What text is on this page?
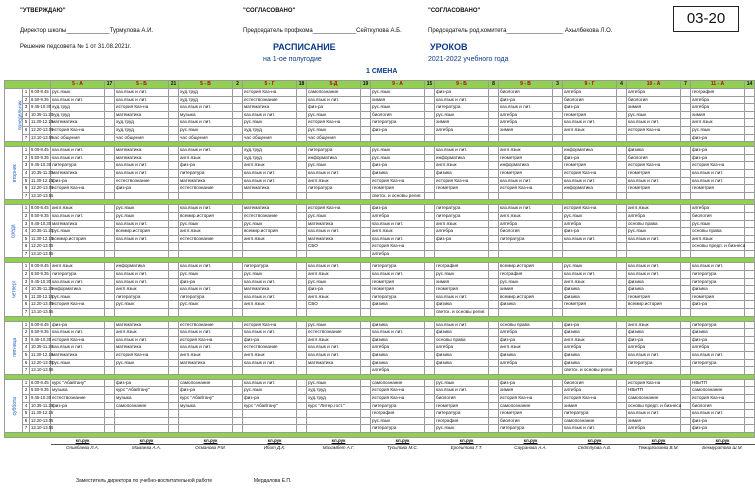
"УТВЕРЖДАЮ"
Директор школы_____________Турмулова А.И.
Решение педсовета № 1 от 31.08.2021г.
"СОГЛАСОВАНО"
Председатель профкома_____________Сейткулова А.Б.
"СОГЛАСОВАНО"
Председатель род.комитета_________________ Ахылбекова Л.О.
03-20
РАСПИСАНИЕ	УРОКОВ
на 1-ое полугодие	2021-2022 учебного года
1 СМЕНА
			5 - А	17	5 - Б	21	5 - В	2	5 - Г	18	5-Д	19	9 - А	15	9 - Б	8	9 - В	3	9 - Г	4	10 - А	7	11 - А	14
понедельник	1	8.00-8.45	рус.язык		каз.язык и лит.		худ.труд		история Каз-на		самопознание		рус.язык		физ-ра		биология		алгебра		алгебра		география	
	2	8.50-9.35	каз.язык и лит.		каз.язык и лит.		худ.труд		естествознание		каз.язык и лит.		химия		каз.язык и лит.		физ-ра		биология		биология		алгебра	
	3	9.45-10.30	худ.труд		история Каз-на		каз.язык и лит.		математика		физ-ра		рус.язык		литература		каз.язык и лит.		физ-ра		химия		алгебра	
	4	10.35-11.20	худ.труд		математика		музыка		каз.язык и лит.		рус.язык		биология		рус.язык		алгебра		геометрия		рус.язык		химия	
	5	11.30-12.15	математика		худ.труд		каз.язык и лит.		рус.язык		история Каз-на		литература		химия		алгебра		каз.язык и лит.		каз.язык и лит.		англ.язык	
	6	12.20-13.05	история Каз-на		худ.труд		рус.язык		худ.труд		рус.язык		физ-ра		алгебра		химия		англ.язык		история Каз-на		рус.язык	
	7	13.10-13.55	час общения		час общения		час общения		час общения		час общения												физ-ра	

вторник	1	8.00-8.45	каз.язык и лит.		математика		каз.язык и лит.		худ.труд		литература		рус.язык		каз.язык и лит.		англ.язык		информатика		физика		физ-ра	
	2	8.50-9.35	каз.язык и лит.		математика		англ.язык		худ.труд		информатика		рус.язык		информатика		геометрия		физ-ра		биология		физ-ра	
	3	9.45-10.30	литература		каз.язык и лит.		физ-ра		англ.язык		рус.язык		физ-ра		англ.язык		информатика		геометрия		история Каз-на		история Каз-на	
	4	10.35-11.20	математика		каз.язык и лит.		литература		каз.язык и лит.		каз.язык и лит.		физика		физика		геометрия		история Каз-на		геометрия		каз.язык и лит.	
	5	11.30-12.15	физ-ра		естествознание		математика		каз.язык и лит.		англ.язык		история Каз-на		история Каз-на		каз.язык и лит.		каз.язык и лит.		каз.язык и лит.		каз.язык и лит.	
	6	12.20-13.05	история Каз-на		физ-ра		естествознание		математика		литература		геометрия		геометрия		история Каз-на		информатика		геометрия		геометрия	
	7	13.10-13.55											светск. и основы религ.											

среда	1	8.00-8.45	англ.язык		рус.язык		каз.язык и лит.		математика		история Каз-на		физ-ра		литература		каз.язык и лит.		история Каз-на		англ.язык		алгебра	
	2	8.50-9.35	каз.язык и лит.		рус.язык		всемир.история		естествознание		рус.язык		алгебра		литература		англ.язык		рус.язык		алгебра		биология	
	3	9.45-10.30	математика		каз.язык и лит.		рус.язык		рус.язык		математика		каз.язык и лит.		англ.язык		алгебра		алгебра		основы права		рус.язык	
	4	10.35-11.20	рус.язык		всемир.история		англ.язык		всемир.история		каз.язык и лит.		англ.язык		алгебра		биология		физ-ра		рус.язык		основы права	
	5	11.30-12.15	всемир.история		каз.язык и лит.		естествознание		англ.язык		математика		каз.язык и лит.		физ-ра		литература		каз.язык и лит.		каз.язык и лит.		англ.язык	
	6	12.20-13.05									СБО		история Каз-на										основы предп. и бизнеса	
	7	13.10-13.55											алгебра											

четверг	1	8.00-8.45	англ.язык		информатика		каз.язык и лит.		литература		каз.язык и лит.		литература		география		всемир.история		рус.язык		каз.язык и лит.		каз.язык и лит.	
	2	8.50-9.35	литература		каз.язык и лит.		рус.язык		рус.язык		англ.язык		каз.язык и лит.		рус.язык		география		каз.язык и лит.		каз.язык и лит.		литература	
	3	9.45-10.30	каз.язык и лит.		каз.язык и лит.		физ-ра		каз.язык и лит.		рус.язык		геометрия		химия		рус.язык		англ.язык		физика		литература	
	4	10.35-11.20	информатика		англ.язык		каз.язык и лит.		математика		физ-ра		геометрия		геометрия		химия		физика		физика		физика	
	5	11.30-12.15	рус.язык		литература		литература		каз.язык и лит.		англ.язык		литература		каз.язык и лит.		всемир.история		физика		геометрия		геометрия	
	6	12.20-13.05	история Каз-на		рус.язык		рус.язык		англ.язык		СБО		физика		физика		физика		геометрия		всемир.история		физ-ра	
	7	13.10-13.55													светск. и основы религ.									

пятница	1	8.00-8.45	физ-ра		математика		естествознание		история Каз-на		рус.язык		физика		каз.язык и лит.		основы права		физ-ра		англ.язык		литература	
	2	8.50-9.35	каз.язык и лит.		англ.язык		каз.язык и лит.		каз.язык и лит.		естествознание		каз.язык и лит.		физика		алгебра		физика		физика		физика	
	3	9.45-10.30	история Каз-на		каз.язык и лит.		история Каз-на		физ-ра		англ.язык		физика		основы права		физ-ра		англ.язык		физ-ра		физ-ра	
	4	10.35-11.20	каз.язык и лит.		математика		каз.язык и лит.		естествознание		каз.язык и лит.		алгебра		алгебра		англ.язык		алгебра		алгебра		алгебра	
	5	11.30-12.15	математика		история Каз-на		англ.язык		англ.язык		каз.язык и лит.		физика		физика		физика		физика		каз.язык и лит.		каз.язык и лит.	
	6	12.20-13.05	рус.язык		рус.язык		математика		каз.язык и лит.		математика		физика		физика		алгебра		физика		литература		литература	
	7	13.10-13.55											алгебра						светск. и основы религ.					

суббота	1	8.00-8.45	курс "Абайтану"		физ-ра		самопознание		каз.язык и лит.		рус.язык		самопознание		рус.язык		физ-ра		биология		история Каз-на		НВиТП	
	2	8.50-9.35	музыка		курс "Абайтану"		физ-ра		рус.язык		худ.труд		история Каз-на		каз.язык и лит.		химия		алгебра		НВиТП		самопознание	
	3	9.45-10.30	естествознание		музыка		курс "Абайтану"		физ-ра		худ.труд		история Каз-на		биология		история Каз-на		история Каз-на		самопознание		история Каз-на	
	4	10.35-11.20	физ-ра		самопознание		музыка		курс "Абайтану"		курс "Литер.гост."		литература		геометрия		самопознание		химия		основы предп. и бизнеса		биология	
	5	11.30-12.15											география		литература		геометрия		литература		каз.язык и лит.		каз.язык и лит.	
	6	12.20-13.05											рус.язык		география		биология		самопознание		химия		физ-ра	
	7	13.10-13.55											литература		рус.язык		литература		каз.язык и лит.		алгебра		физ-ра	

			кл.рук		кл.рук		кл.рук		кл.рук		кл.рук		кл.рук		кл.рук		кл.рук		кл.рук		кл.рук		кл.рук	
			Оливбаева Л.А.		Мамаева А.А.		Османова Р.М.		Ибит Д.К.		Махамбет А.Г.		Тусыпова М.С.		Ерсеитова Г.Т.		Сауранова А.А.		Сейтпуова А.Б.		Темирголиева В.М.		Бекмуратова Ш.М.	
Заместитель директора по учебно-воспитательной работе	Мердалова Е.П.
